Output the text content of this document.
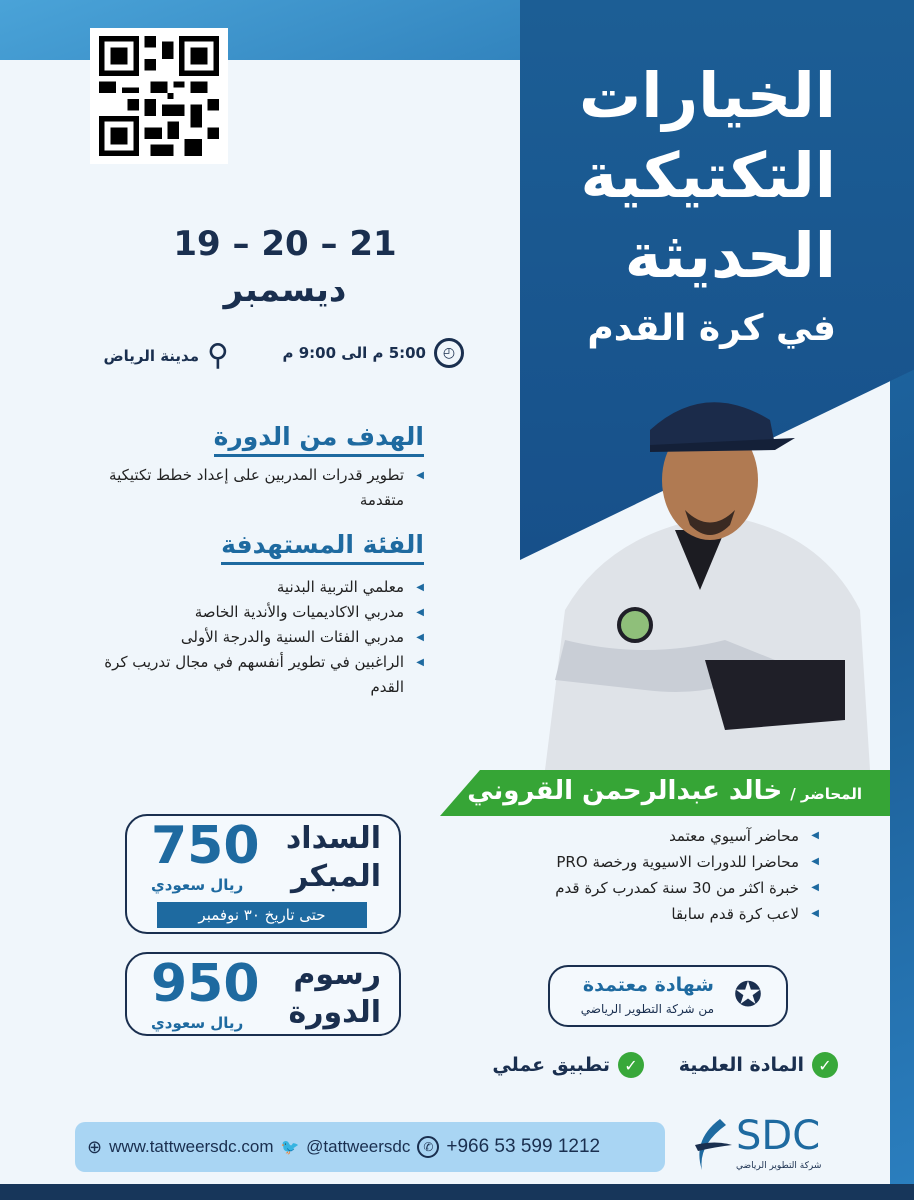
الخيارات
التكتيكية
الحديثة
في كرة القدم
19 – 20 – 21
ديسمبر
◴
5:00 م الى 9:00 م
⚲
مدينة الرياض
الهدف من الدورة
◀ تطوير قدرات المدربين على إعداد خطط تكتيكية متقدمة
الفئة المستهدفة
◀ معلمي التربية البدنية
◀ مدربي الاكاديميات والأندية الخاصة
◀ مدربي الفئات السنية والدرجة الأولى
◀ الراغبين في تطوير أنفسهم في مجال تدريب كرة القدم
المحاضر /
خالد عبدالرحمن القروني
◀ محاضر آسيوي معتمد
◀ محاضرا للدورات الاسيوية ورخصة PRO
◀ خبرة اكثر من 30 سنة كمدرب كرة قدم
◀ لاعب كرة قدم سابقا
السداد
المبكر
750
ريال سعودي
حتى تاريخ ٣٠ نوفمبر
رسوم
الدورة
950
ريال سعودي
✪
شهادة معتمدة
من شركة التطوير الرياضي
✓
المادة العلمية
✓
تطبيق عملي
⊕ www.tattweersdc.com 🐦 @tattweersdc	✆ +966 53 599 1212	SDC
شركة التطوير الرياضي
